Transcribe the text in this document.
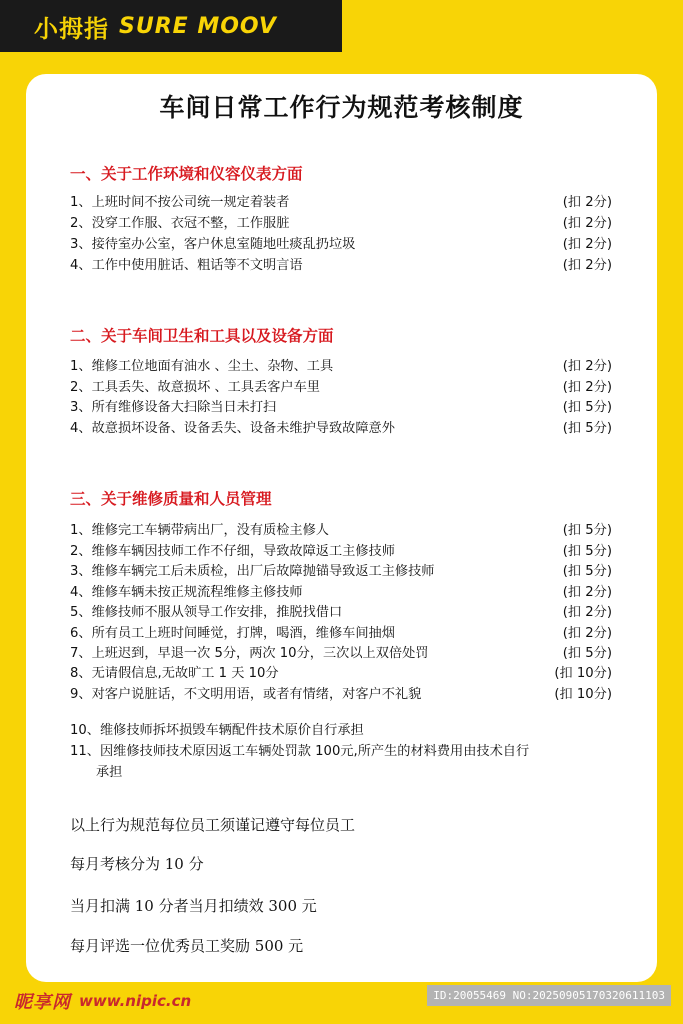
小拇指 SURE MOOV
车间日常工作行为规范考核制度
一、关于工作环境和仪容仪表方面
1、上班时间不按公司统一规定着装者	(扣 2分)
2、没穿工作服、衣冠不整，工作服脏	(扣 2分)
3、接待室办公室，客户休息室随地吐痰乱扔垃圾	(扣 2分)
4、工作中使用脏话、粗话等不文明言语	(扣 2分)
二、关于车间卫生和工具以及设备方面
1、维修工位地面有油水 、尘土、杂物、工具	(扣 2分)
2、工具丢失、故意损坏 、工具丢客户车里	(扣 2分)
3、所有维修设备大扫除当日未打扫	(扣 5分)
4、故意损坏设备、设备丢失、设备未维护导致故障意外	(扣 5分)
三、关于维修质量和人员管理
1、维修完工车辆带病出厂，没有质检主修人	(扣 5分)
2、维修车辆因技师工作不仔细，导致故障返工主修技师	(扣 5分)
3、维修车辆完工后未质检，出厂后故障抛锚导致返工主修技师	(扣 5分)
4、维修车辆未按正规流程维修主修技师	(扣 2分)
5、维修技师不服从领导工作安排，推脱找借口	(扣 2分)
6、所有员工上班时间睡觉，打牌，喝酒，维修车间抽烟	(扣 2分)
7、上班迟到，早退一次 5分，两次 10分，三次以上双倍处罚	(扣 5分)
8、无请假信息,无故旷工 1 天 10分	(扣 10分)
9、对客户说脏话，不文明用语，或者有情绪，对客户不礼貌	(扣 10分)
10、维修技师拆坏损毁车辆配件技术原价自行承担
11、因维修技师技术原因返工车辆处罚款 100元,所产生的材料费用由技术自行
承担
以上行为规范每位员工须谨记遵守每位员工
每月考核分为 10 分
当月扣满 10 分者当月扣绩效 300 元
每月评选一位优秀员工奖励 500 元
昵享网 www.nipic.cn	ID:20055469 NO:20250905170320611103
